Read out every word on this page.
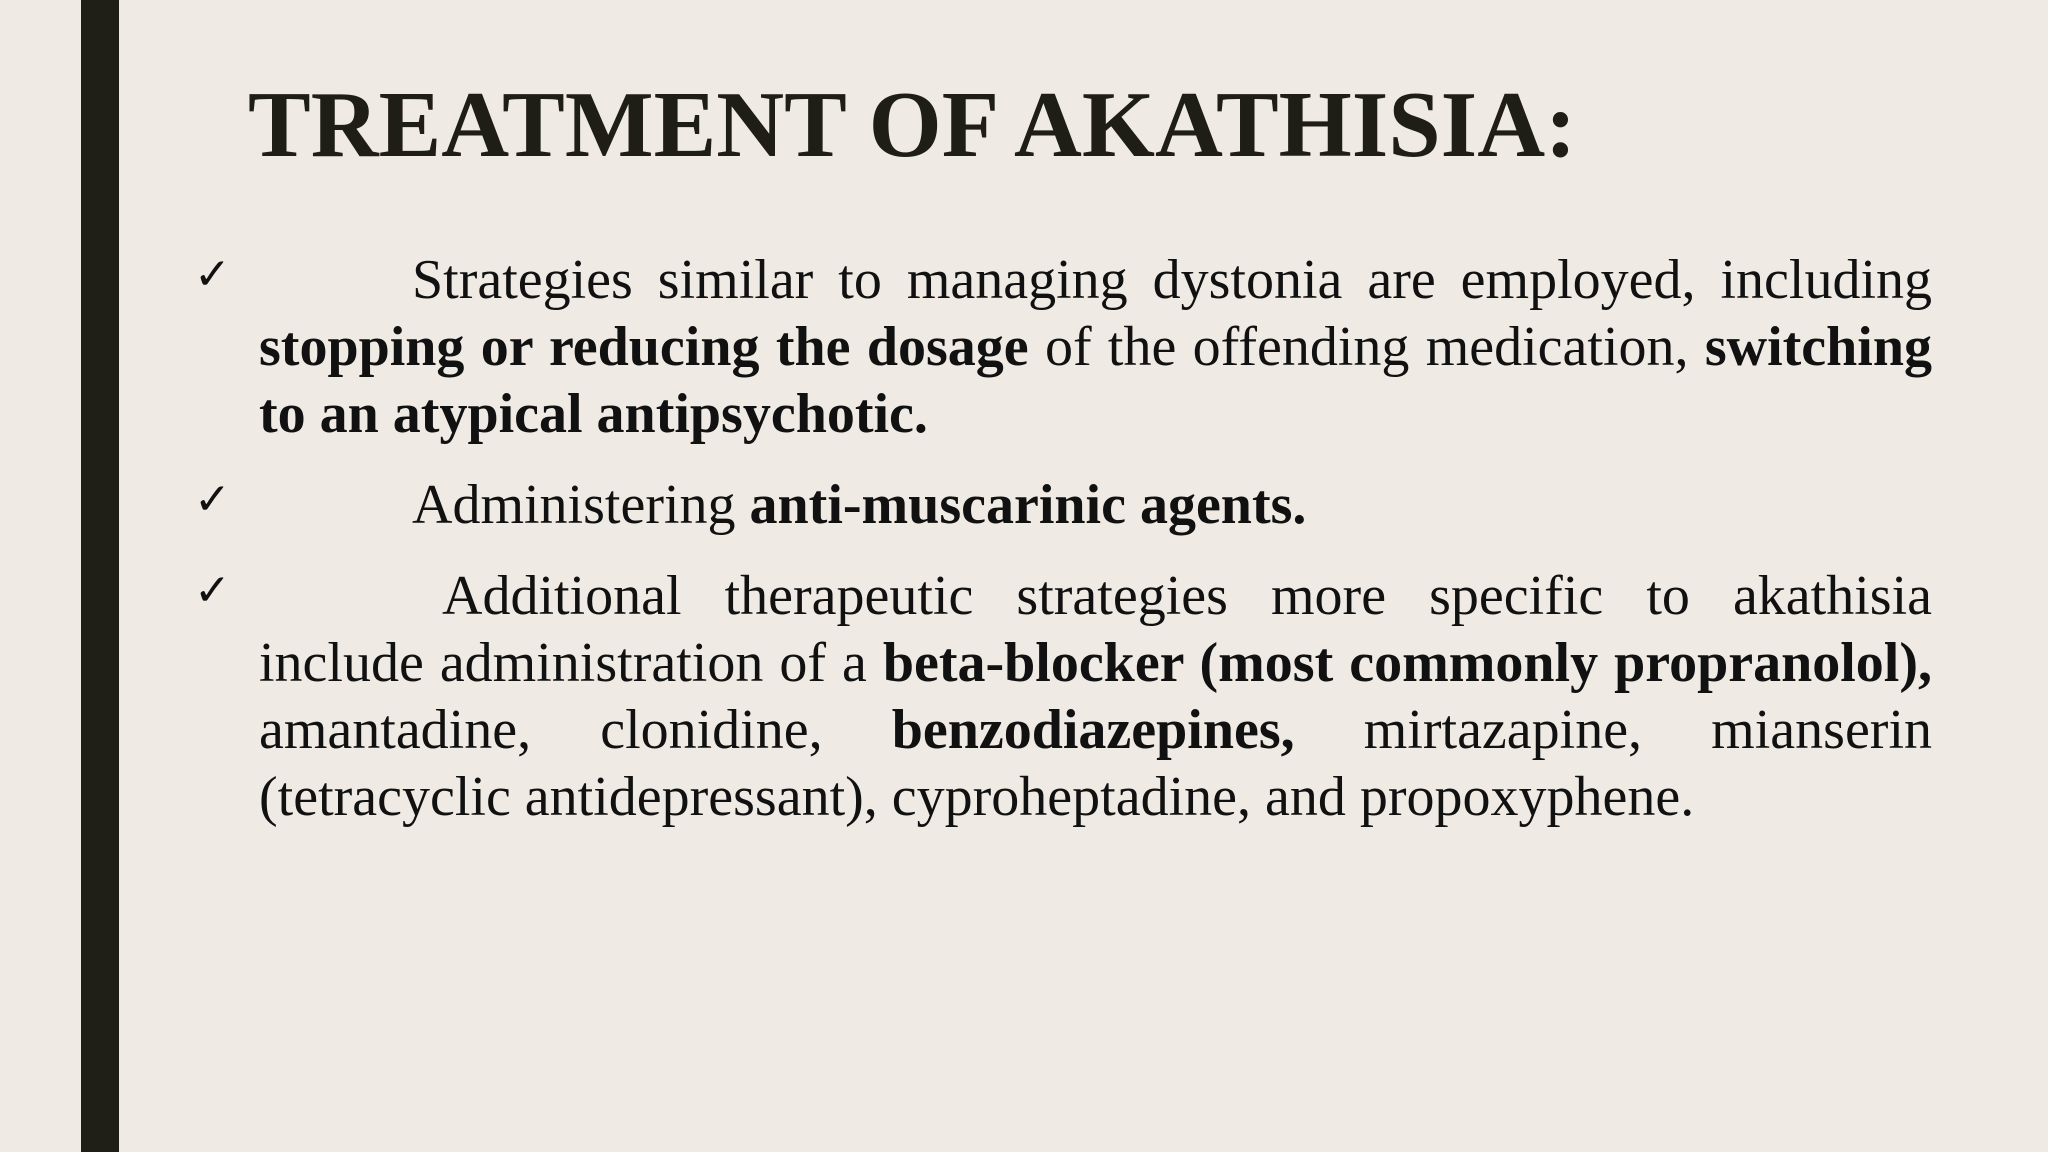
TREATMENT OF AKATHISIA:
✓	Strategies similar to managing dystonia are employed, including stopping or reducing the dosage of the offending medication, switching to an atypical antipsychotic.
✓	Administering anti-muscarinic agents.
✓	Additional therapeutic strategies more specific to akathisia include administration of a beta-blocker (most commonly propranolol), amantadine, clonidine, benzodiazepines, mirtazapine, mianserin (tetracyclic antidepressant), cyproheptadine, and propoxyphene.
